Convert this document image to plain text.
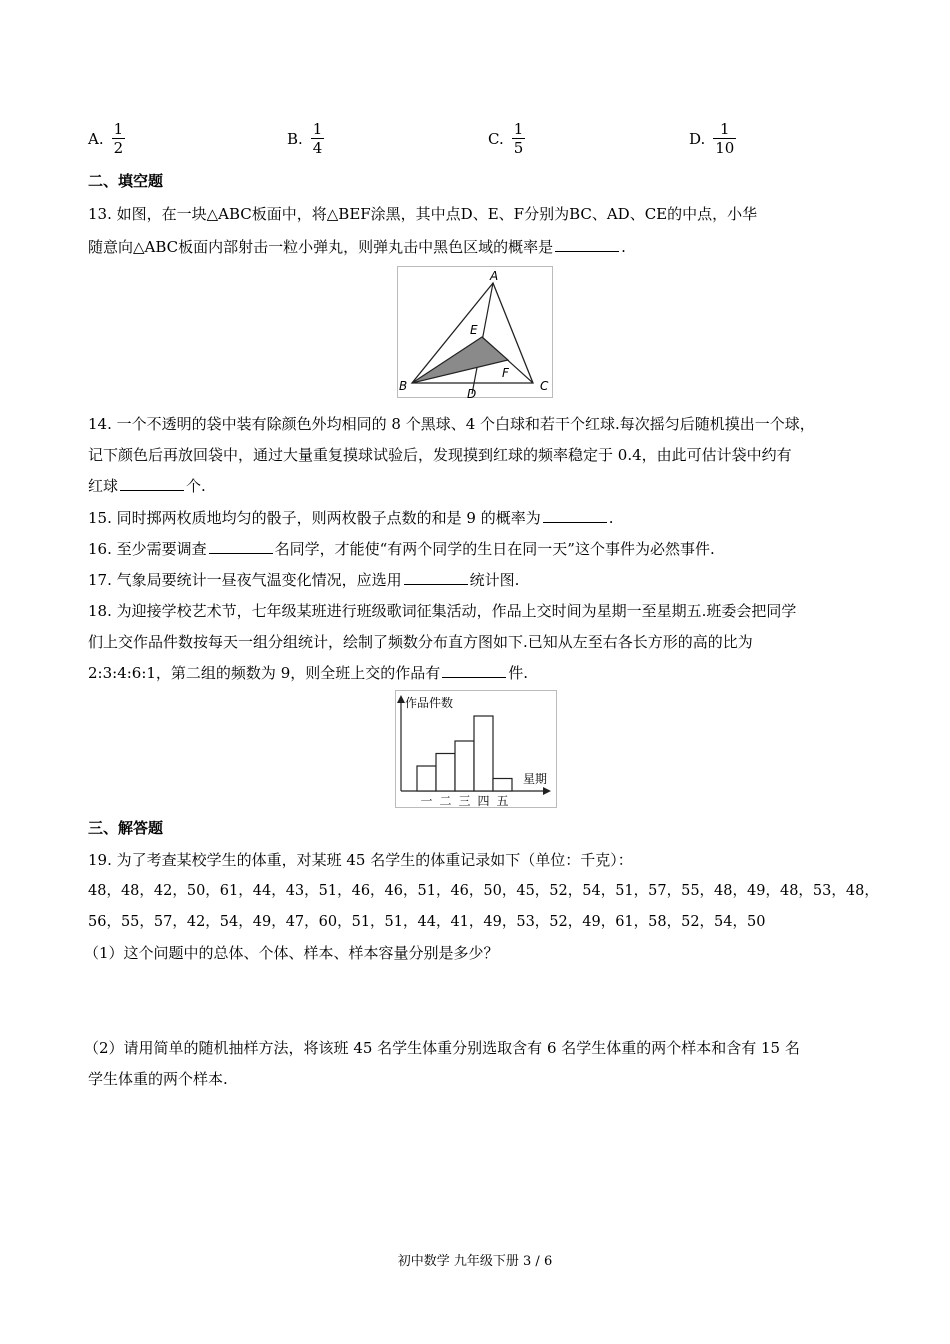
A. $\frac{1}{2}$	B. $\frac{1}{4}$	C. $\frac{1}{5}$	D. $\frac{1}{10}$
二、填空题
13. 如图，在一块△ABC板面中，将△BEF涂黑，其中点D、E、F分别为BC、AD、CE的中点，小华
随意向△ABC板面内部射击一粒小弹丸，则弹丸击中黑色区域的概率是	.
A
B	C
D
E
F
14. 一个不透明的袋中装有除颜色外均相同的 8 个黑球、4 个白球和若干个红球.每次摇匀后随机摸出一个球，
记下颜色后再放回袋中，通过大量重复摸球试验后，发现摸到红球的频率稳定于 0.4，由此可估计袋中约有
红球	个.
15. 同时掷两枚质地均匀的骰子，则两枚骰子点数的和是 9 的概率为	.
16. 至少需要调查	名同学，才能使“有两个同学的生日在同一天”这个事件为必然事件.
17. 气象局要统计一昼夜气温变化情况，应选用	统计图.
18. 为迎接学校艺术节，七年级某班进行班级歌词征集活动，作品上交时间为星期一至星期五.班委会把同学
们上交作品件数按每天一组分组统计，绘制了频数分布直方图如下.已知从左至右各长方形的高的比为
2:3:4:6:1，第二组的频数为 9，则全班上交的作品有	件.
作品件数
星期
一 二 三 四 五
三、解答题
19. 为了考查某校学生的体重，对某班 45 名学生的体重记录如下（单位：千克）：
48，48，42，50，61，44，43，51，46，46，51，46，50，45，52，54，51，57，55，48，49，48，53，48，
56，55，57，42，54，49，47，60，51，51，44，41，49，53，52，49，61，58，52，54，50
（1）这个问题中的总体、个体、样本、样本容量分别是多少？
（2）请用简单的随机抽样方法，将该班 45 名学生体重分别选取含有 6 名学生体重的两个样本和含有 15 名
学生体重的两个样本.
初中数学 九年级下册 3 / 6
